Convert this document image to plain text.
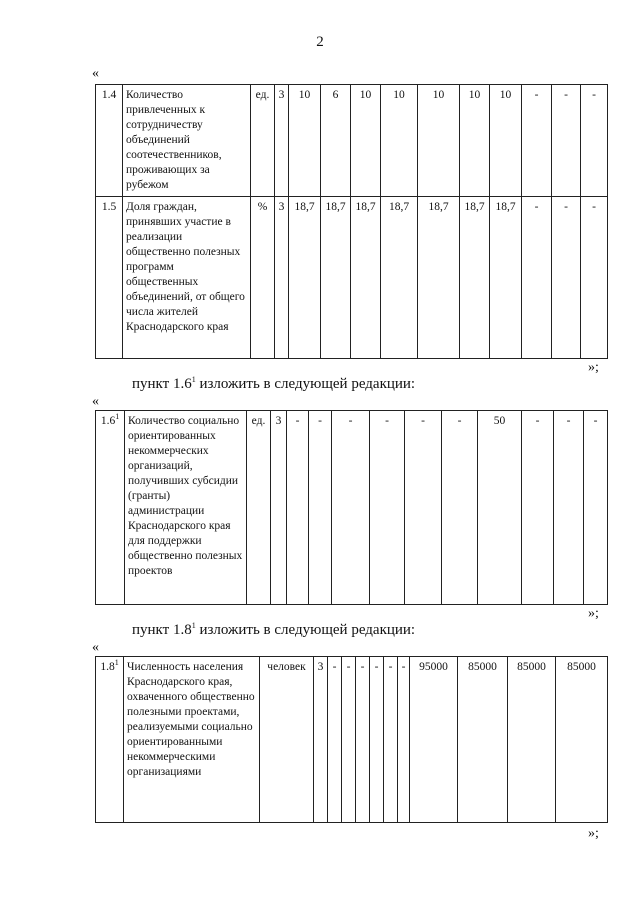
2
«
1.4	Количество привлеченных к сотрудничеству объединений соотечественников, проживающих за рубежом	ед.	3	10	6	10	10	10	10	10	-	-	-
1.5	Доля граждан, принявших участие в реализации общественно полезных программ общественных объединений, от общего числа жителей Краснодарского края	%	3	18,7	18,7	18,7	18,7	18,7	18,7	18,7	-	-	-
»;
пункт $1.6^1$ изложить в следующей редакции:
«
$1.6^1$	Количество социально ориентированных некоммерческих организаций, получивших субсидии (гранты) администрации Краснодарского края для поддержки общественно полезных проектов	ед.	3	-	-	-	-	-	-	50	-	-	-
»;
пункт $1.8^1$ изложить в следующей редакции:
«
$1.8^1$	Численность населения Краснодарского края, охваченного общественно полезными проектами, реализуемыми социально ориентированными некоммерческими организациями	человек	3	-	-	-	-	-	-	95000	85000	85000	85000
»;
